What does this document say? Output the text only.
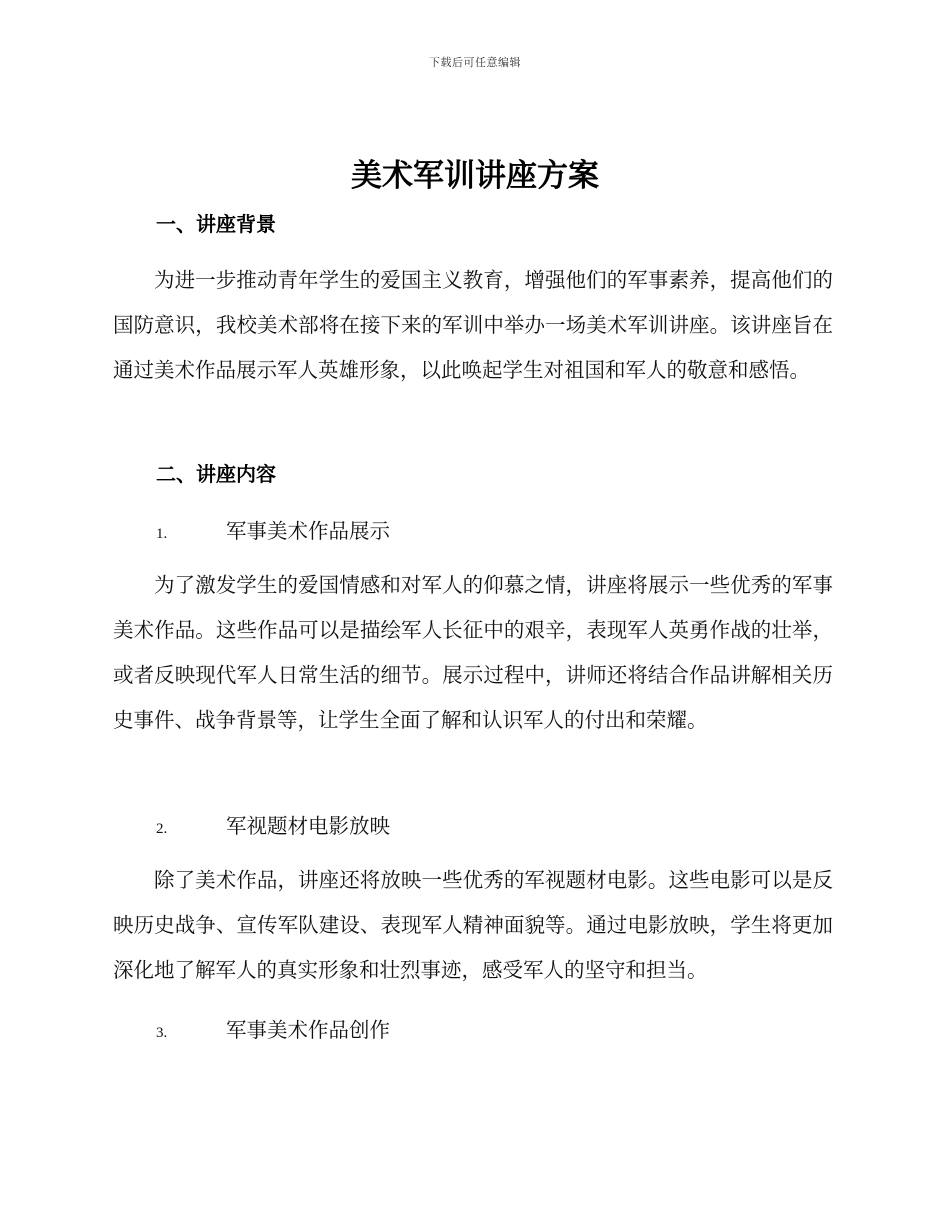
下载后可任意编辑
美术军训讲座方案
一、讲座背景

为进一步推动青年学生的爱国主义教育，增强他们的军事素养，提高他们的国防意识，我校美术部将在接下来的军训中举办一场美术军训讲座。该讲座旨在通过美术作品展示军人英雄形象，以此唤起学生对祖国和军人的敬意和感悟。

二、讲座内容
1.	军事美术作品展示

为了激发学生的爱国情感和对军人的仰慕之情，讲座将展示一些优秀的军事美术作品。这些作品可以是描绘军人长征中的艰辛，表现军人英勇作战的壮举，或者反映现代军人日常生活的细节。展示过程中，讲师还将结合作品讲解相关历史事件、战争背景等，让学生全面了解和认识军人的付出和荣耀。

2.	军视题材电影放映

除了美术作品，讲座还将放映一些优秀的军视题材电影。这些电影可以是反映历史战争、宣传军队建设、表现军人精神面貌等。通过电影放映，学生将更加深化地了解军人的真实形象和壮烈事迹，感受军人的坚守和担当。

3.	军事美术作品创作
